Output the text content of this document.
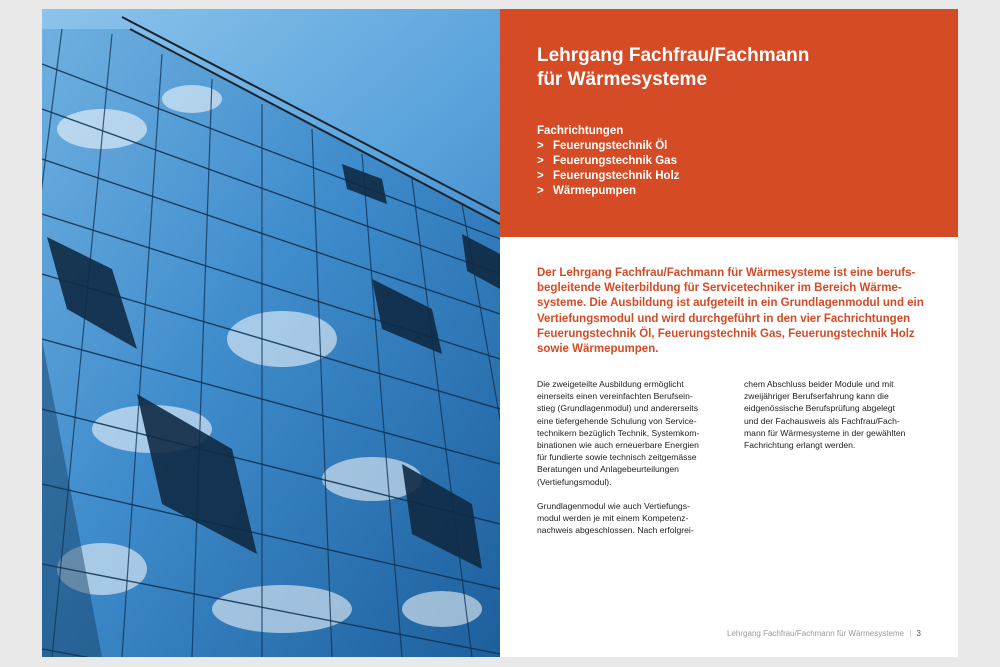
Lehrgang Fachfrau/Fachmann
für Wärmesysteme
Fachrichtungen
> Feuerungstechnik Öl
> Feuerungstechnik Gas
> Feuerungstechnik Holz
> Wärmepumpen

Der Lehrgang Fachfrau/Fachmann für Wärmesysteme ist eine berufs-
begleitende Weiterbildung für Servicetechniker im Bereich Wärme-
systeme. Die Ausbildung ist aufgeteilt in ein Grundlagenmodul und ein
Vertiefungsmodul und wird durchgeführt in den vier Fachrichtungen
Feuerungstechnik Öl, Feuerungstechnik Gas, Feuerungstechnik Holz
sowie Wärmepumpen.

Die zweigeteilte Ausbildung ermöglicht
einerseits einen vereinfachten Berufsein-
stieg (Grundlagenmodul) und andererseits
eine tiefergehende Schulung von Service-
technikern bezüglich Technik, Systemkom-
binationen wie auch erneuerbare Energien
für fundierte sowie technisch zeitgemässe
Beratungen und Anlagebeurteilungen
(Vertiefungsmodul).
Grundlagenmodul wie auch Vertiefungs-
modul werden je mit einem Kompetenz-
nachweis abgeschlossen. Nach erfolgrei-

chem Abschluss beider Module und mit
zweijähriger Berufserfahrung kann die
eidgenössische Berufsprüfung abgelegt
und der Fachausweis als Fachfrau/Fach-
mann für Wärmesysteme in der gewählten
Fachrichtung erlangt werden.

Lehrgang Fachfrau/Fachmann für Wärmesysteme | 3
